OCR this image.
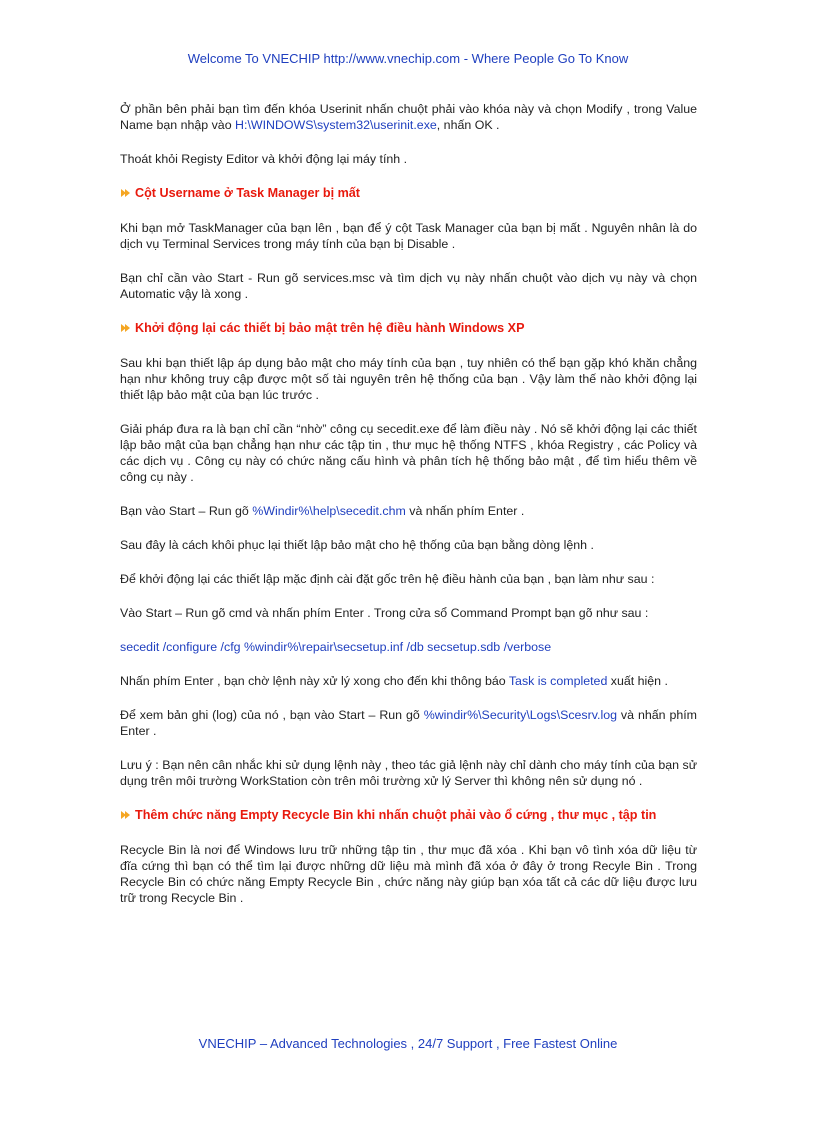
Welcome To VNECHIP http://www.vnechip.com - Where People Go To Know

Ở phần bên phải bạn tìm đến khóa Userinit nhấn chuột phải vào khóa này và chọn Modify , trong Value Name bạn nhập vào H:\WINDOWS\system32\userinit.exe, nhấn OK .

Thoát khỏi Registy Editor và khởi động lại máy tính .

Cột Username ở Task Manager bị mất

Khi bạn mở TaskManager của bạn lên , bạn để ý cột Task Manager của bạn bị mất . Nguyên nhân là do dịch vụ Terminal Services trong máy tính của bạn bị Disable .

Bạn chỉ cần vào Start - Run gõ services.msc và tìm dịch vụ này nhấn chuột vào dịch vụ này và chọn Automatic vậy là xong .

Khởi động lại các thiết bị bảo mật trên hệ điều hành Windows XP

Sau khi bạn thiết lập áp dụng bảo mật cho máy tính của bạn , tuy nhiên có thể bạn gặp khó khăn chẳng hạn như không truy cập được một số tài nguyên trên hệ thống của bạn . Vậy làm thế nào khởi động lại thiết lập bảo mật của bạn lúc trước .

Giải pháp đưa ra là bạn chỉ cần “nhờ” công cụ secedit.exe để làm điều này . Nó sẽ khởi động lại các thiết lập bảo mật của bạn chẳng hạn như các tập tin , thư mục hệ thống NTFS , khóa Registry , các Policy và các dịch vụ . Công cụ này có chức năng cấu hình và phân tích hệ thống bảo mật , để tìm hiểu thêm về công cụ này .

Bạn vào Start – Run gõ %Windir%\help\secedit.chm và nhấn phím Enter .

Sau đây là cách khôi phục lại thiết lập bảo mật cho hệ thống của bạn bằng dòng lệnh .

Để khởi động lại các thiết lập mặc định cài đặt gốc trên hệ điều hành của bạn , bạn làm như sau :

Vào Start – Run gõ cmd và nhấn phím Enter . Trong cửa sổ Command Prompt bạn gõ như sau :

secedit /configure /cfg %windir%\repair\secsetup.inf /db secsetup.sdb /verbose

Nhấn phím Enter , bạn chờ lệnh này xử lý xong cho đến khi thông báo Task is completed xuất hiện .

Để xem bản ghi (log) của nó , bạn vào Start – Run gõ %windir%\Security\Logs\Scesrv.log và nhấn phím Enter .

Lưu ý : Bạn nên cân nhắc khi sử dụng lệnh này , theo tác giả lệnh này chỉ dành cho máy tính của bạn sử dụng trên môi trường WorkStation còn trên môi trường xử lý Server thì không nên sử dụng nó .

Thêm chức năng Empty Recycle Bin khi nhấn chuột phải vào ổ cứng , thư mục , tập tin

Recycle Bin là nơi để Windows lưu trữ những tập tin , thư mục đã xóa . Khi bạn vô tình xóa dữ liệu từ đĩa cứng thì bạn có thể tìm lại được những dữ liệu mà mình đã xóa ở đây ở trong Recyle Bin . Trong Recycle Bin có chức năng Empty Recycle Bin , chức năng này giúp bạn xóa tất cả các dữ liệu được lưu trữ trong Recycle Bin .

VNECHIP – Advanced Technologies , 24/7 Support , Free Fastest Online
